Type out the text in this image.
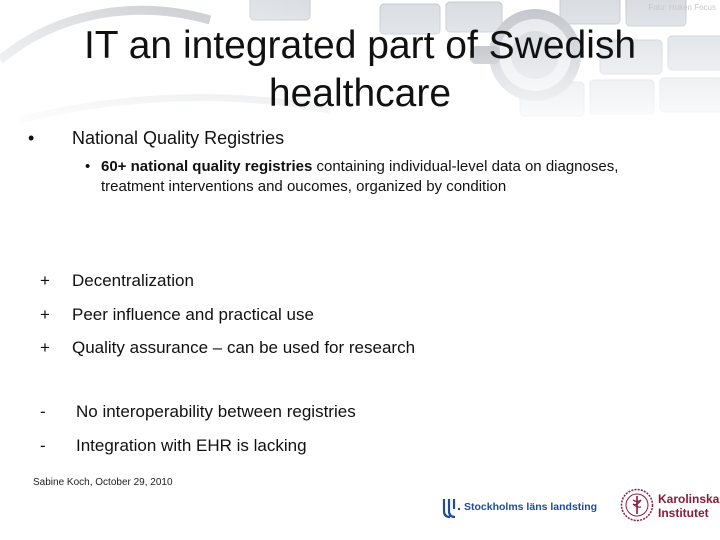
Foto: Hoken Focus
IT an integrated part of Swedish
healthcare
• National Quality Registries
• 60+ national quality registries containing individual-level data on diagnoses, treatment interventions and oucomes, organized by condition
+ Decentralization
+ Peer influence and practical use
+ Quality assurance – can be used for research
- No interoperability between registries
- Integration with EHR is lacking
Sabine Koch, October 29, 2010
Stockholms läns landsting
Karolinska
Institutet
